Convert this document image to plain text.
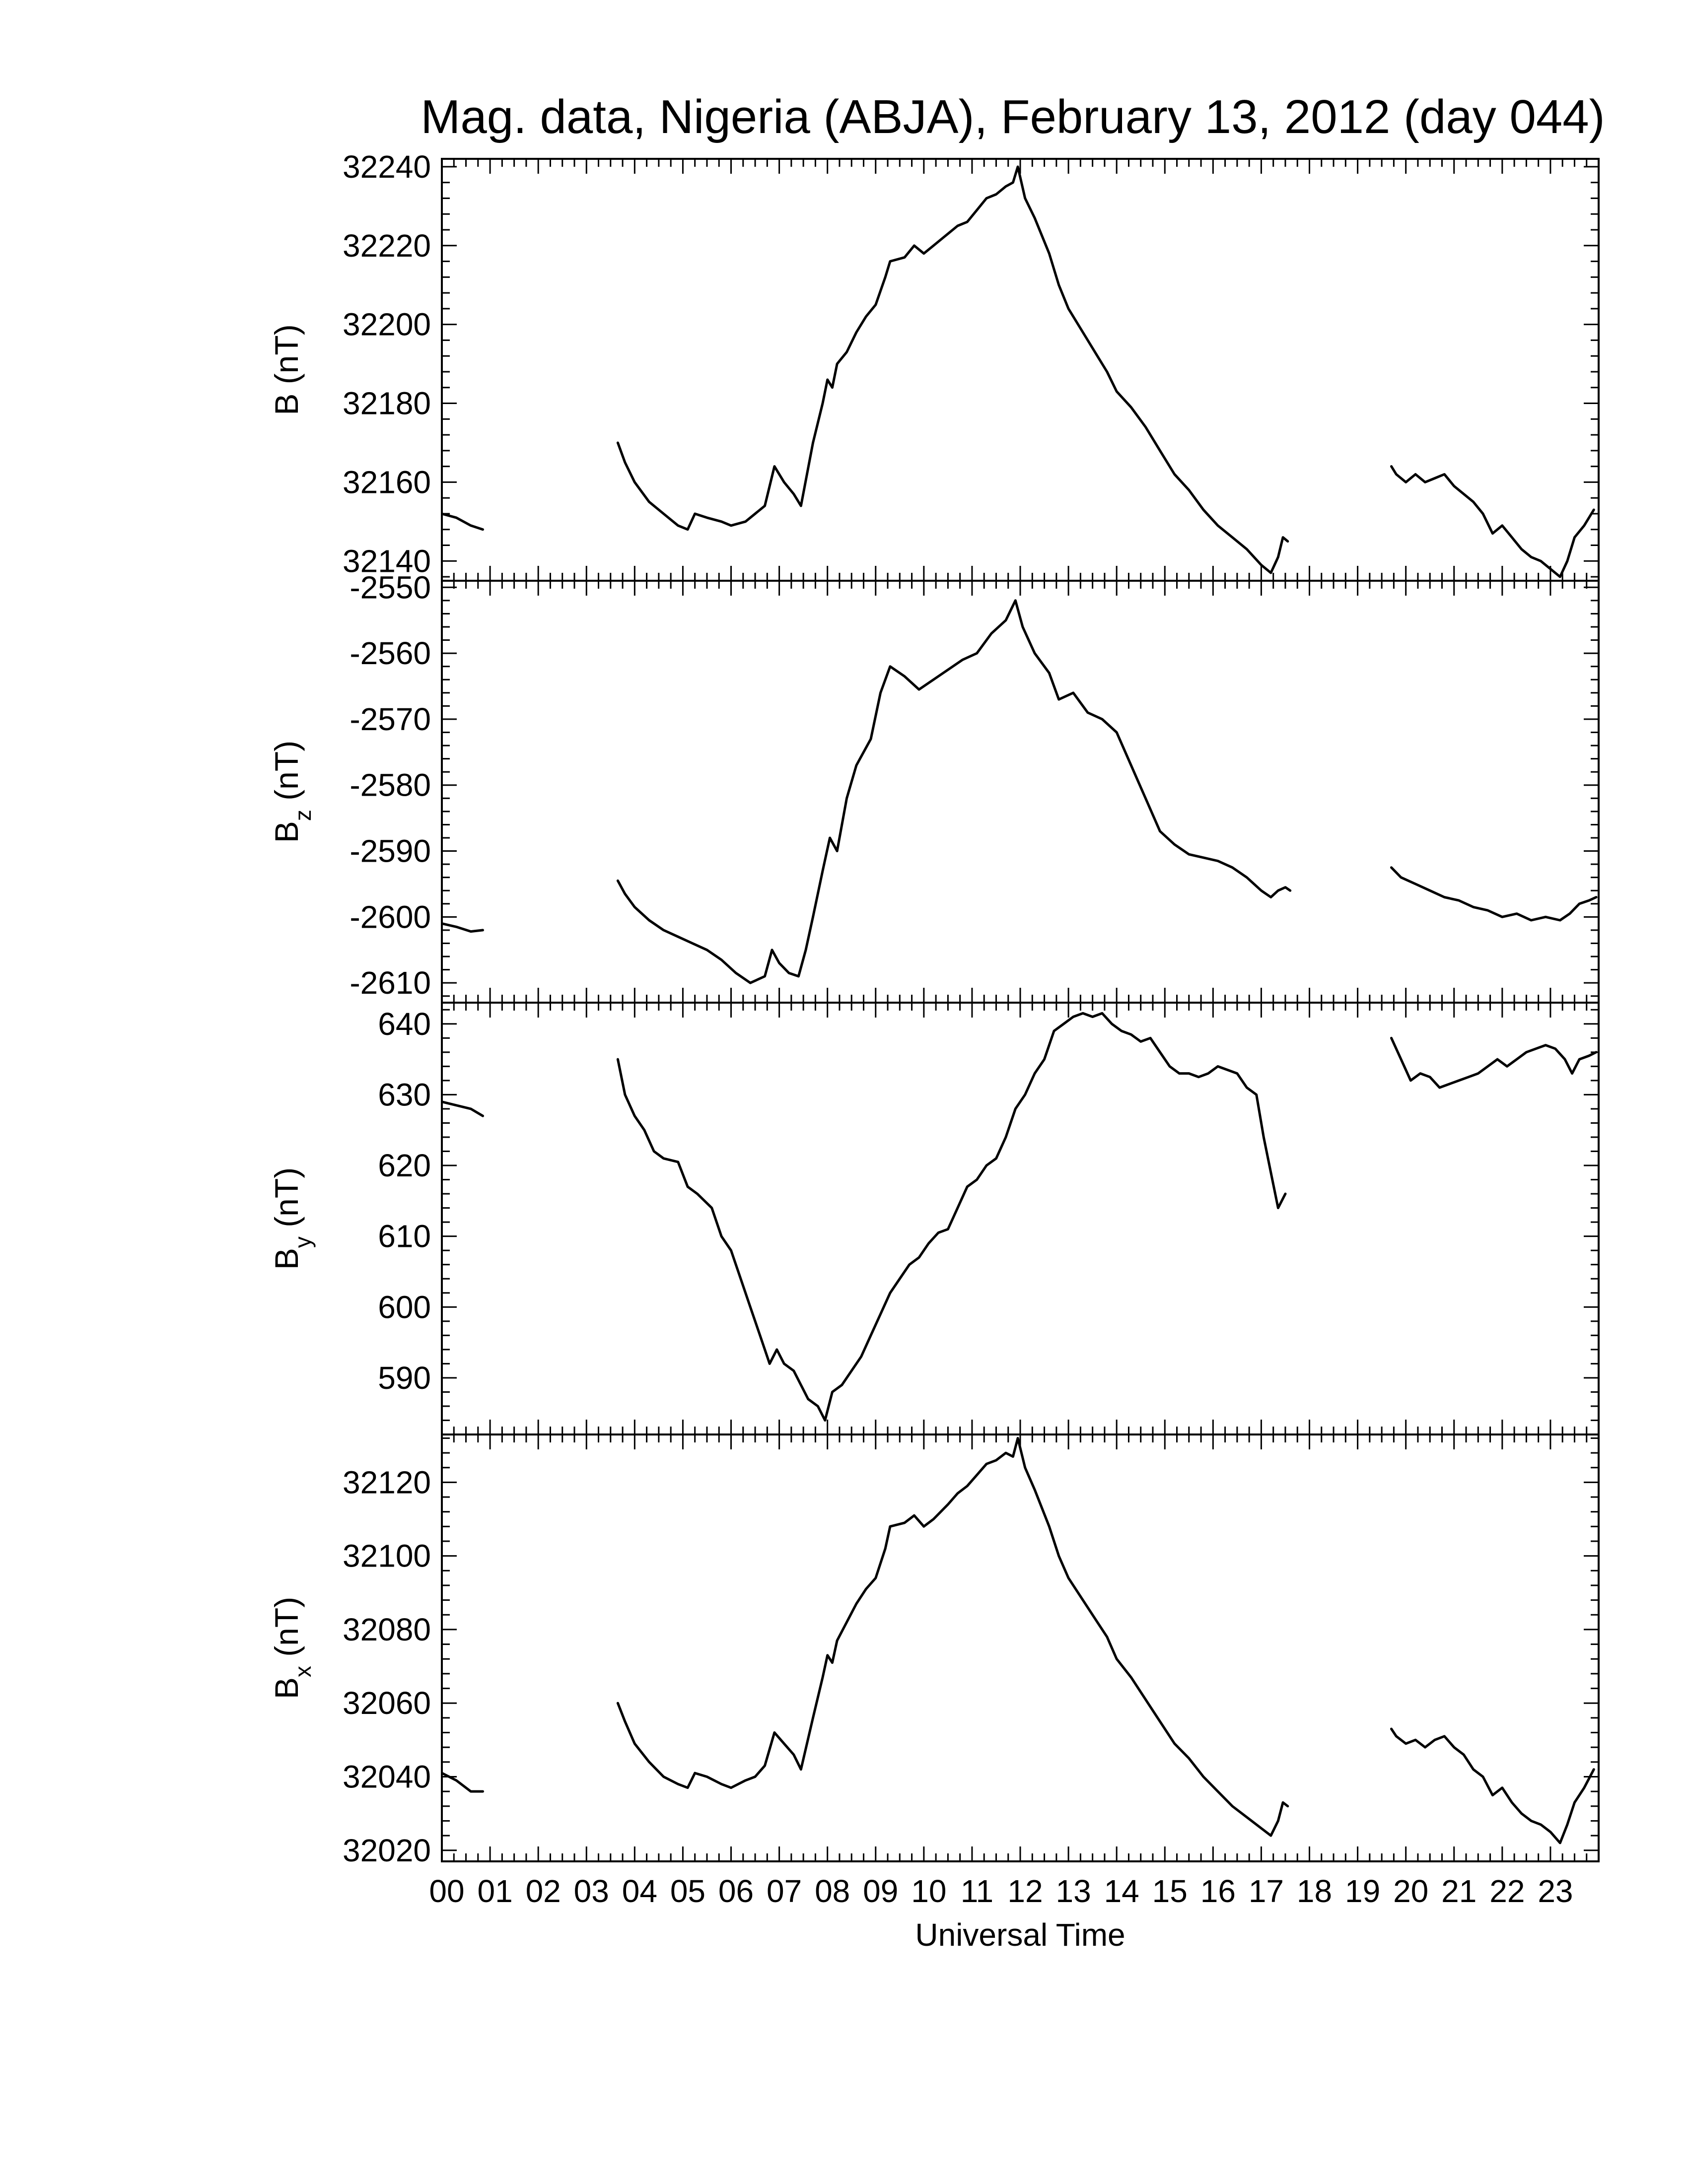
Mag. data, Nigeria (ABJA), February 13, 2012 (day 044)
32140
32160
32180
32200
32220
32240
B (nT)
-2610
-2600
-2590
-2580
-2570
-2560
-2550
$B_z$ (nT)
590
600
610
620
630
640
$B_y$ (nT)
32020
32040
32060
32080
32100
32120
$B_x$ (nT)
00 01 02 03 04 05 06 07 08 09 10 11 12 13 14 15 16 17 18 19 20 21 22 23
Universal Time
